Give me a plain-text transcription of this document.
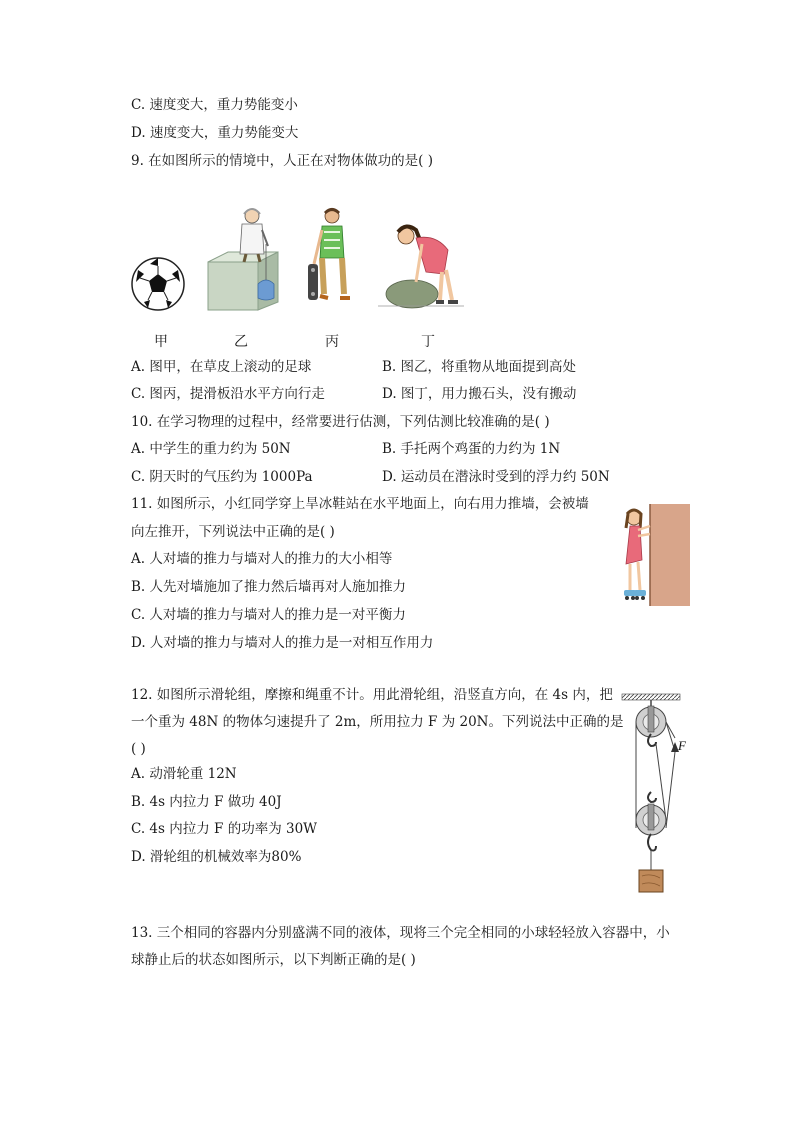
C. 速度变大，重力势能变小
D. 速度变大，重力势能变大
9. 在如图所示的情境中，人正在对物体做功的是( )
甲	乙	丙	丁
A. 图甲，在草皮上滚动的足球	B. 图乙，将重物从地面提到高处
C. 图丙，提滑板沿水平方向行走	D. 图丁，用力搬石头，没有搬动
10. 在学习物理的过程中，经常要进行估测，下列估测比较准确的是( )
A. 中学生的重力约为 50N	B. 手托两个鸡蛋的力约为 1N
C. 阴天时的气压约为 1000Pa	D. 运动员在潜泳时受到的浮力约 50N
11. 如图所示，小红同学穿上旱冰鞋站在水平地面上，向右用力推墙，会被墙
向左推开，下列说法中正确的是( )
A. 人对墙的推力与墙对人的推力的大小相等
B. 人先对墙施加了推力然后墙再对人施加推力
C. 人对墙的推力与墙对人的推力是一对平衡力
D. 人对墙的推力与墙对人的推力是一对相互作用力
12. 如图所示滑轮组，摩擦和绳重不计。用此滑轮组，沿竖直方向，在 4s 内，把
一个重为 48N 的物体匀速提升了 2m，所用拉力 F 为 20N。下列说法中正确的是
( )
A. 动滑轮重 12N
B. 4s 内拉力 F 做功 40J
C. 4s 内拉力 F 的功率为 30W
D. 滑轮组的机械效率为80%
F
13. 三个相同的容器内分别盛满不同的液体，现将三个完全相同的小球轻轻放入容器中，小
球静止后的状态如图所示，以下判断正确的是( )
